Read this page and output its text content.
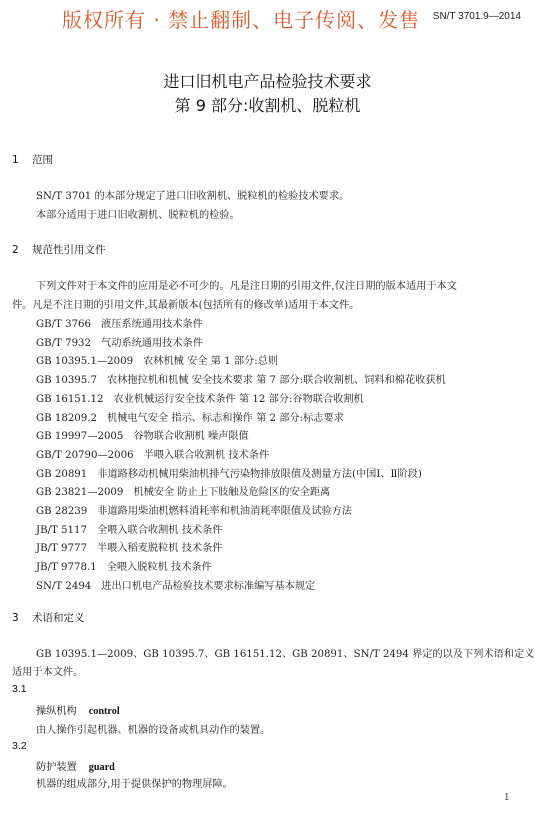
版权所有 · 禁止翻制、电子传阅、发售	SN/T 3701.9—2014
进口旧机电产品检验技术要求
第 9 部分:收割机、脱粒机
1 范围
SN/T 3701 的本部分规定了进口旧收割机、脱粒机的检验技术要求。
本部分适用于进口旧收割机、脱粒机的检验。
2 规范性引用文件
下列文件对于本文件的应用是必不可少的。凡是注日期的引用文件,仅注日期的版本适用于本文
件。凡是不注日期的引用文件,其最新版本(包括所有的修改单)适用于本文件。
GB/T 3766 液压系统通用技术条件
GB/T 7932 气动系统通用技术条件
GB 10395.1—2009 农林机械 安全 第 1 部分:总则
GB 10395.7 农林拖拉机和机械 安全技术要求 第 7 部分:联合收割机、饲料和棉花收获机
GB 16151.12 农业机械运行安全技术条件 第 12 部分:谷物联合收割机
GB 18209.2 机械电气安全 指示、标志和操作 第 2 部分:标志要求
GB 19997—2005 谷物联合收割机 噪声限值
GB/T 20790—2006 半喂入联合收割机 技术条件
GB 20891 非道路移动机械用柴油机排气污染物排放限值及测量方法(中国Ⅰ、Ⅱ阶段)
GB 23821—2009 机械安全 防止上下肢触及危险区的安全距离
GB 28239 非道路用柴油机燃料消耗率和机油消耗率限值及试验方法
JB/T 5117 全喂入联合收割机 技术条件
JB/T 9777 半喂入稻麦脱粒机 技术条件
JB/T 9778.1 全喂入脱粒机 技术条件
SN/T 2494 进出口机电产品检验技术要求标准编写基本规定
3 术语和定义
GB 10395.1—2009、GB 10395.7、GB 16151.12、GB 20891、SN/T 2494 界定的以及下列术语和定义
适用于本文件。
3.1
操纵机构 control
由人操作引起机器、机器的设备或机具动作的装置。
3.2
防护装置 guard
机器的组成部分,用于提供保护的物理屏障。
1
